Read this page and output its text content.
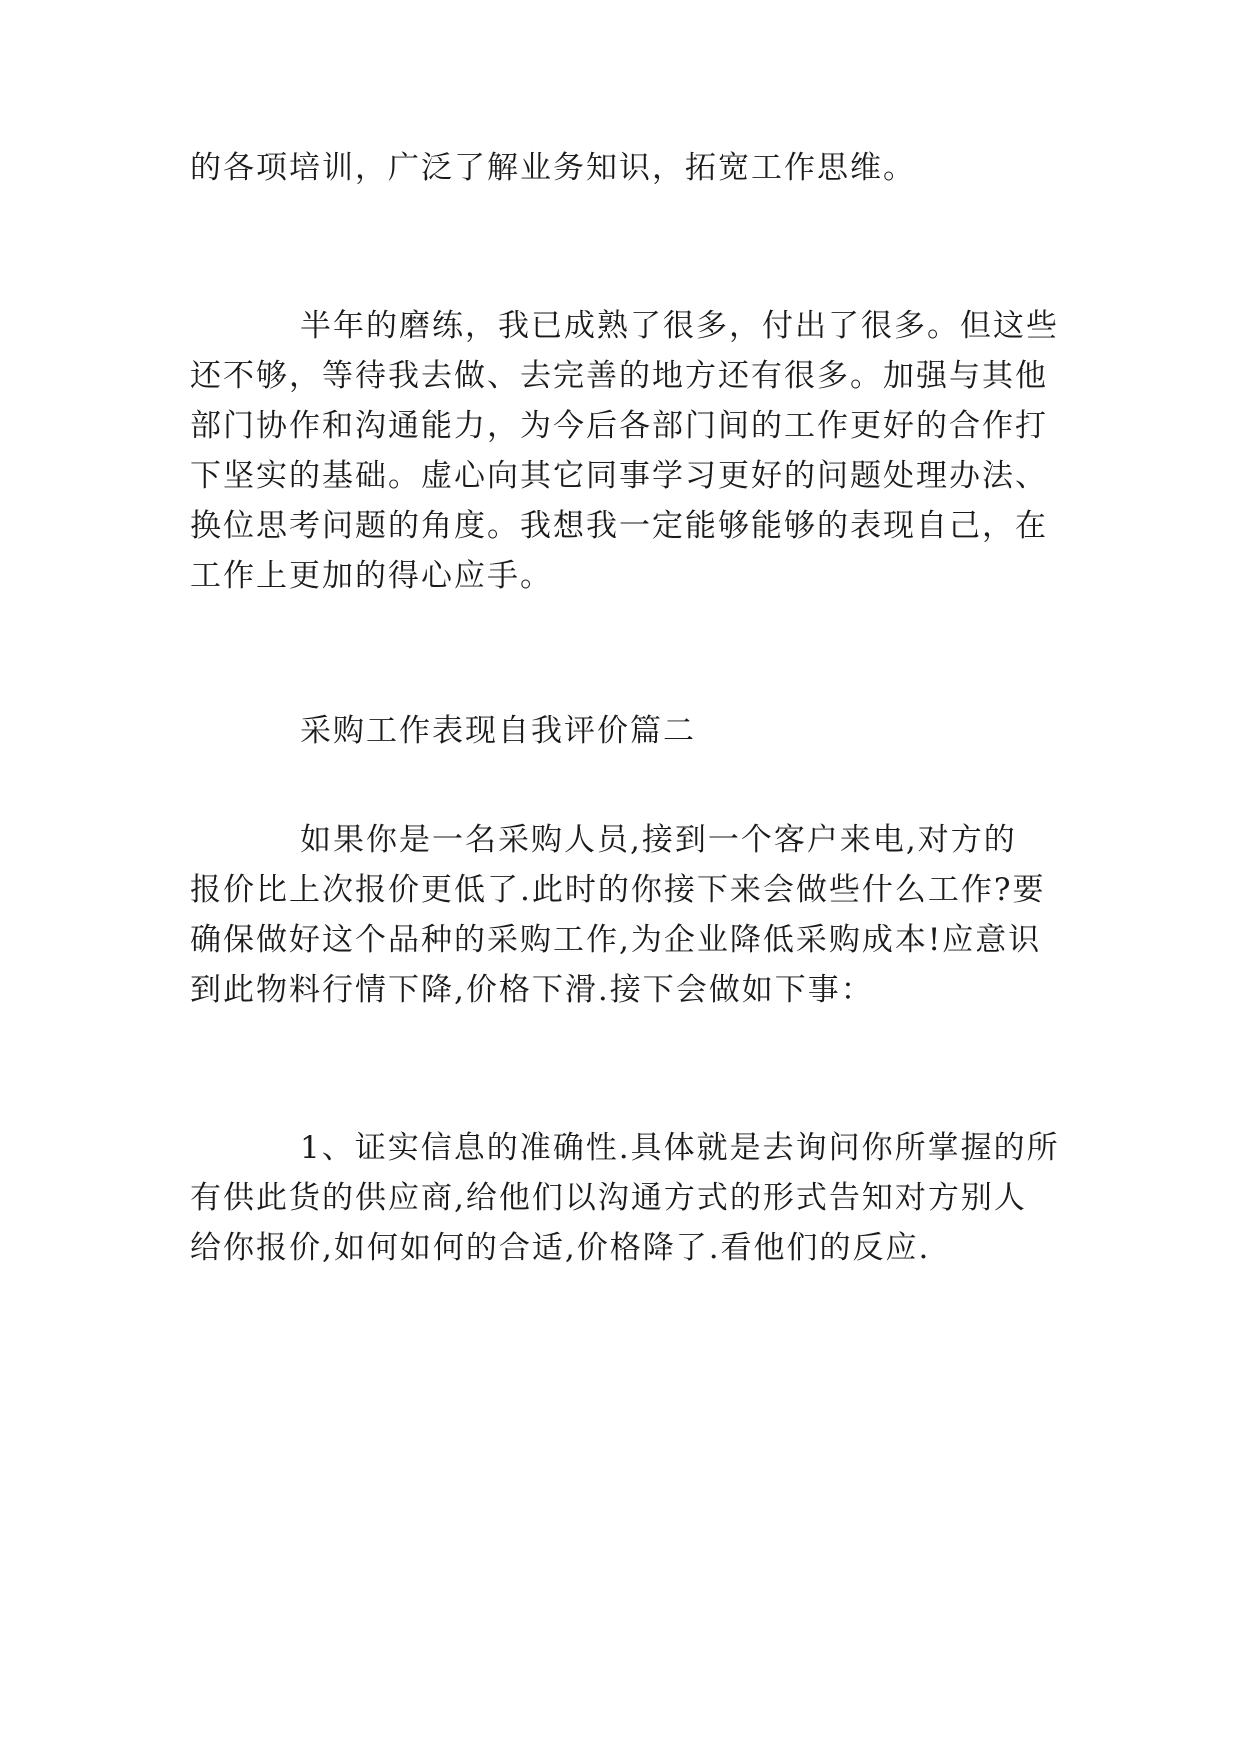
的各项培训，广泛了解业务知识，拓宽工作思维。
半年的磨练，我已成熟了很多，付出了很多。但这些
还不够，等待我去做、去完善的地方还有很多。加强与其他
部门协作和沟通能力，为今后各部门间的工作更好的合作打
下坚实的基础。虚心向其它同事学习更好的问题处理办法、
换位思考问题的角度。我想我一定能够能够的表现自己，在
工作上更加的得心应手。
采购工作表现自我评价篇二
如果你是一名采购人员,接到一个客户来电,对方的
报价比上次报价更低了.此时的你接下来会做些什么工作?要
确保做好这个品种的采购工作,为企业降低采购成本!应意识
到此物料行情下降,价格下滑.接下会做如下事：
1、证实信息的准确性.具体就是去询问你所掌握的所
有供此货的供应商,给他们以沟通方式的形式告知对方别人
给你报价,如何如何的合适,价格降了.看他们的反应.
